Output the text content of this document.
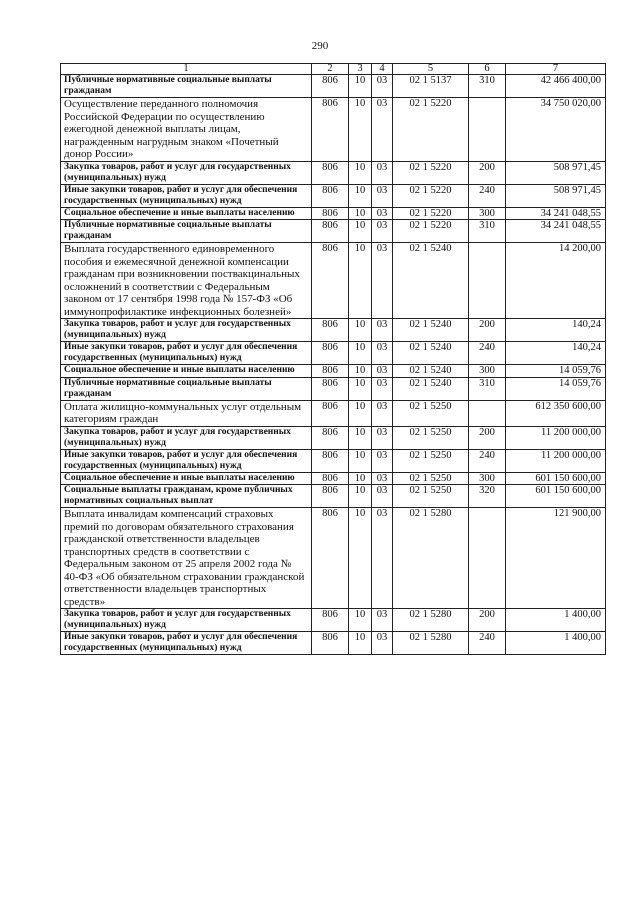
290
1	2	3	4	5	6	7
Публичные нормативные социальные выплаты гражданам	806	10	03	02 1 5137	310	42 466 400,00
Осуществление переданного полномочия Российской Федерации по осуществлению ежегодной денежной выплаты лицам, награжденным нагрудным знаком «Почетный донор России»	806	10	03	02 1 5220		34 750 020,00
Закупка товаров, работ и услуг для государственных (муниципальных) нужд	806	10	03	02 1 5220	200	508 971,45
Иные закупки товаров, работ и услуг для обеспечения государственных (муниципальных) нужд	806	10	03	02 1 5220	240	508 971,45
Социальное обеспечение и иные выплаты населению	806	10	03	02 1 5220	300	34 241 048,55
Публичные нормативные социальные выплаты гражданам	806	10	03	02 1 5220	310	34 241 048,55
Выплата государственного единовременного пособия и ежемесячной денежной компенсации гражданам при возникновении поствакцинальных осложнений в соответствии с Федеральным законом от 17 сентября 1998 года № 157-ФЗ «Об иммунопрофилактике инфекционных болезней»	806	10	03	02 1 5240		14 200,00
Закупка товаров, работ и услуг для государственных (муниципальных) нужд	806	10	03	02 1 5240	200	140,24
Иные закупки товаров, работ и услуг для обеспечения государственных (муниципальных) нужд	806	10	03	02 1 5240	240	140,24
Социальное обеспечение и иные выплаты населению	806	10	03	02 1 5240	300	14 059,76
Публичные нормативные социальные выплаты гражданам	806	10	03	02 1 5240	310	14 059,76
Оплата жилищно-коммунальных услуг отдельным категориям граждан	806	10	03	02 1 5250		612 350 600,00
Закупка товаров, работ и услуг для государственных (муниципальных) нужд	806	10	03	02 1 5250	200	11 200 000,00
Иные закупки товаров, работ и услуг для обеспечения государственных (муниципальных) нужд	806	10	03	02 1 5250	240	11 200 000,00
Социальное обеспечение и иные выплаты населению	806	10	03	02 1 5250	300	601 150 600,00
Социальные выплаты гражданам, кроме публичных нормативных социальных выплат	806	10	03	02 1 5250	320	601 150 600,00
Выплата инвалидам компенсаций страховых премий по договорам обязательного страхования гражданской ответственности владельцев транспортных средств в соответствии с Федеральным законом от 25 апреля 2002 года № 40-ФЗ «Об обязательном страховании гражданской ответственности владельцев транспортных средств»	806	10	03	02 1 5280		121 900,00
Закупка товаров, работ и услуг для государственных (муниципальных) нужд	806	10	03	02 1 5280	200	1 400,00
Иные закупки товаров, работ и услуг для обеспечения государственных (муниципальных) нужд	806	10	03	02 1 5280	240	1 400,00
